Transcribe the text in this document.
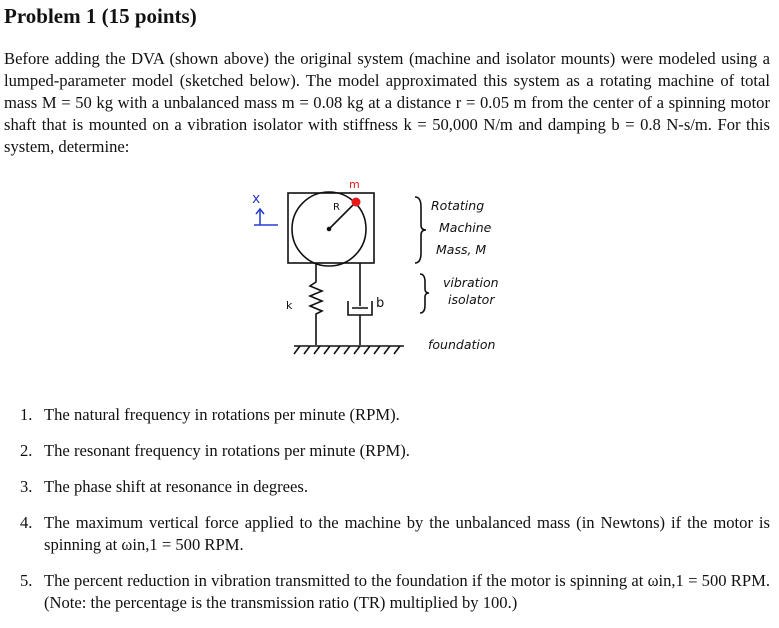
Problem 1 (15 points)
Before adding the DVA (shown above) the original system (machine and isolator mounts) were modeled using a lumped-parameter model (sketched below). The model approximated this system as a rotating machine of total mass M = 50 kg with a unbalanced mass m = 0.08 kg at a distance r = 0.05 m from the center of a spinning motor shaft that is mounted on a vibration isolator with stiffness k = 50,000 N/m and damping b = 0.8 N-s/m. For this system, determine:
R
m
x
k	b
Rotating
Machine
Mass, M
vibration
isolator
foundation
1. The natural frequency in rotations per minute (RPM).
2. The resonant frequency in rotations per minute (RPM).
3. The phase shift at resonance in degrees.
4. The maximum vertical force applied to the machine by the unbalanced mass (in Newtons) if the motor is spinning at ωin,1 = 500 RPM.
5. The percent reduction in vibration transmitted to the foundation if the motor is spinning at ωin,1 = 500 RPM. (Note: the percentage is the transmission ratio (TR) multiplied by 100.)
